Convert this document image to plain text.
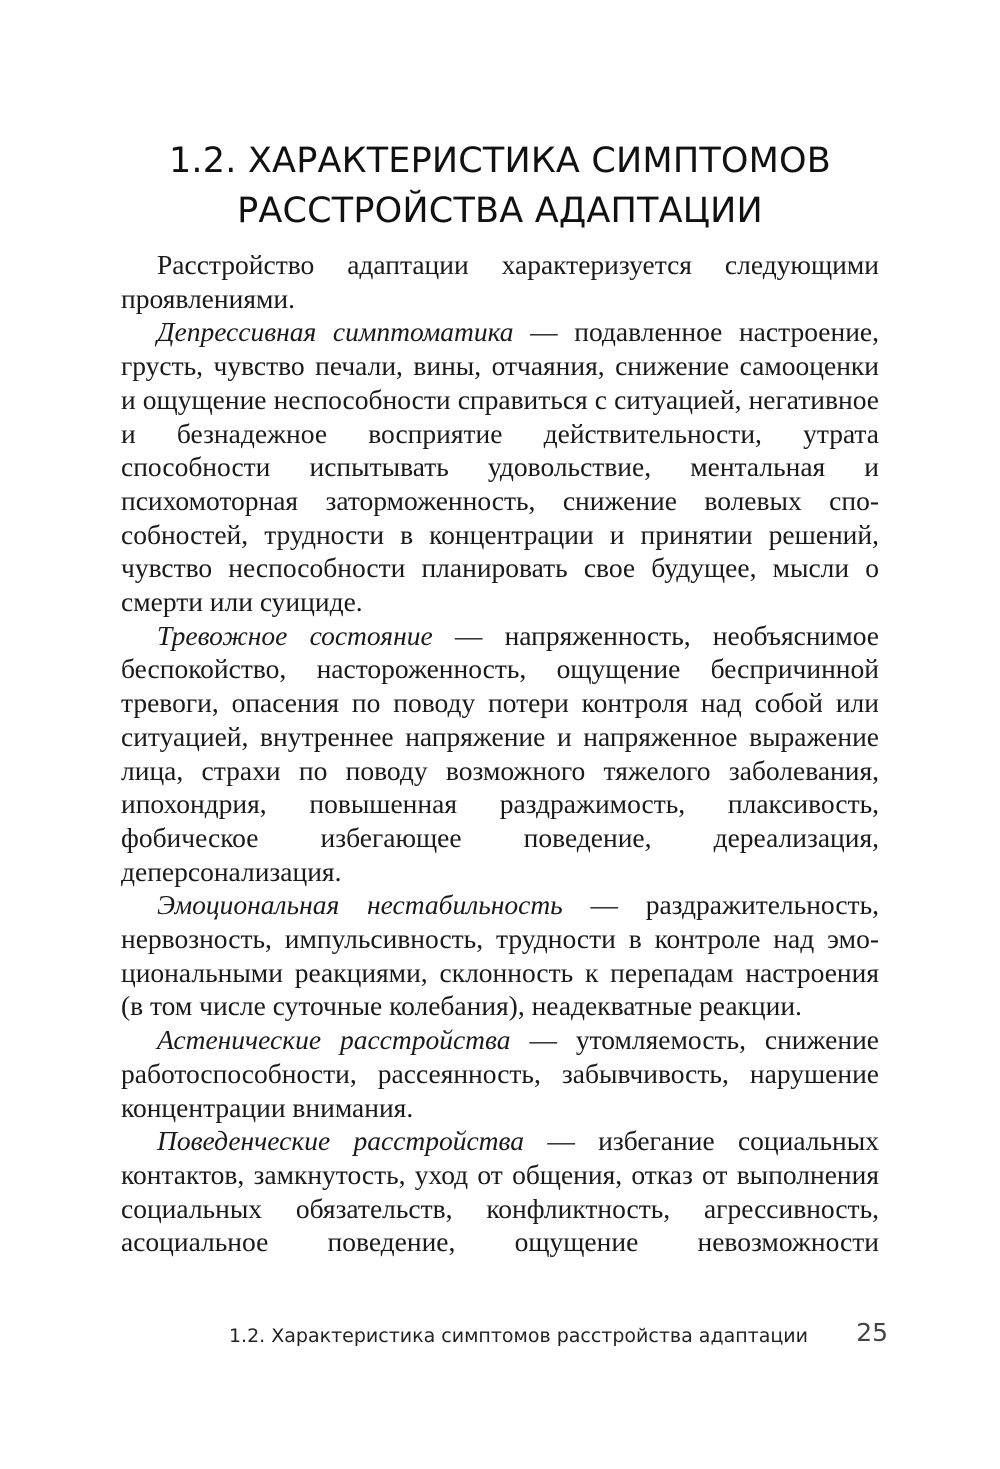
1.2. ХАРАКТЕРИСТИКА СИМПТОМОВ
РАССТРОЙСТВА АДАПТАЦИИ

Расстройство адаптации характеризуется следующими проявлениями.

Депрессивная симптоматика — подавленное настроение, грусть, чувство печали, вины, отчаяния, снижение самооценки и ощущение неспособности справиться с ситуацией, негативное и безнадежное восприятие действительности, утрата способности испытывать удовольствие, ментальная и психомоторная заторможенность, снижение волевых способностей, трудности в концентрации и принятии решений, чувство неспособности планировать свое будущее, мысли о смерти или суициде.

Тревожное состояние — напряженность, необъяснимое беспокойство, настороженность, ощущение беспричинной тревоги, опасения по поводу потери контроля над собой или ситуацией, внутреннее напряжение и напряженное выражение лица, страхи по поводу возможного тяжелого заболевания, ипохондрия, повышенная раздражимость, плаксивость, фобическое избегающее поведение, дереализация, деперсонализация.

Эмоциональная нестабильность — раздражительность, нервозность, импульсивность, трудности в контроле над эмоциональными реакциями, склонность к перепадам настроения (в том числе суточные колебания), неадекватные реакции.

Астенические расстройства — утомляемость, снижение работоспособности, рассеянность, забывчивость, нарушение концентрации внимания.

Поведенческие расстройства — избегание социальных контактов, замкнутость, уход от общения, отказ от выполнения социальных обязательств, конфликтность, агрессивность, асоциальное поведение, ощущение невозможности

1.2. Характеристика симптомов расстройства адаптации 25
